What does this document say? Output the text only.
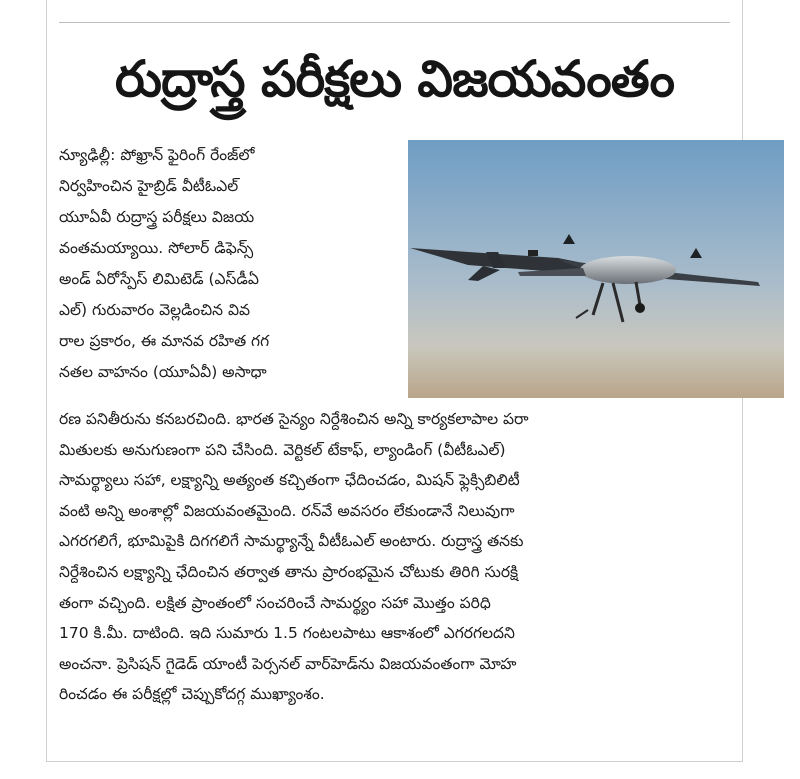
రుద్రాస్త్ర పరీక్షలు విజయవంతం
న్యూఢిల్లీ: పోఖ్రాన్ ఫైరింగ్ రేంజ్‌లో
నిర్వహించిన హైబ్రిడ్ వీటీఓఎల్
యూఏవీ రుద్రాస్త్ర పరీక్షలు విజయ
వంతమయ్యాయి. సోలార్ డిఫెన్స్
అండ్ ఏరోస్పేస్ లిమిటెడ్ (ఎస్‌డీఏ
ఎల్) గురువారం వెల్లడించిన వివ
రాల ప్రకారం, ఈ మానవ రహిత గగ
నతల వాహనం (యూఏవీ) అసాధా
రణ పనితీరును కనబరచింది. భారత సైన్యం నిర్దేశించిన అన్ని కార్యకలాపాల పరా
మితులకు అనుగుణంగా పని చేసింది. వెర్టికల్ టేకాఫ్, ల్యాండింగ్ (వీటీఓఎల్)
సామర్థ్యాలు సహా, లక్ష్యాన్ని అత్యంత కచ్చితంగా ఛేదించడం, మిషన్ ఫ్లెక్సిబిలిటీ
వంటి అన్ని అంశాల్లో విజయవంతమైంది. రన్‌వే అవసరం లేకుండానే నిలువుగా
ఎగరగలిగే, భూమిపైకి దిగగలిగే సామర్థ్యాన్నే వీటీఓఎల్ అంటారు. రుద్రాస్త్ర తనకు
నిర్దేశించిన లక్ష్యాన్ని ఛేదించిన తర్వాత తాను ప్రారంభమైన చోటుకు తిరిగి సురక్షి
తంగా వచ్చింది. లక్షిత ప్రాంతంలో సంచరించే సామర్థ్యం సహా మొత్తం పరిధి
170 కి.మీ. దాటింది. ఇది సుమారు 1.5 గంటలపాటు ఆకాశంలో ఎగరగలదని
అంచనా. ప్రెసిషన్ గైడెడ్ యాంటీ పెర్సనల్ వార్‌హెడ్‌ను విజయవంతంగా మోహ
రించడం ఈ పరీక్షల్లో చెప్పుకోదగ్గ ముఖ్యాంశం.
